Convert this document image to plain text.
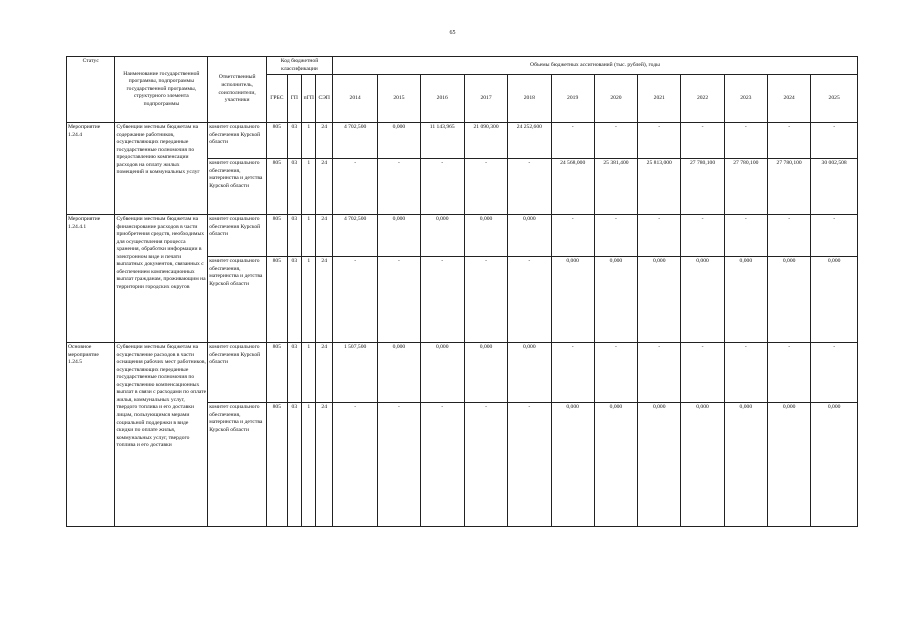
65
Статус	Наименование государственной программы, подпрограммы государственной программы, структурного элемента подпрограммы	Ответственный исполнитель, соисполнители, участники	Код бюджетной классификации				Объемы бюджетных ассигнований (тыс. рублей), годы											
			ГРБС	ГП	пГП	СЭП	2014	2015	2016	2017	2018	2019	2020	2021	2022	2023	2024	2025
Мероприятие 1.24.4	Субвенции местным бюджетам на содержание работников, осуществляющих переданные государственные полномочия по предоставлению компенсации расходов на оплату жилых помещений и коммунальных услуг	комитет социального обеспечения Курской области	805	03	1	24	4 702,500	0,000	11 143,965	21 090,300	24 252,600	-	-	-	-	-	-	-
		комитет социального обеспечения, материнства и детства Курской области	805	03	1	24	-	-	-	-	-	24 568,000	25 381,400	25 813,000	27 780,100	27 780,100	27 780,100	30 002,508
Мероприятие 1.24.4.1	Субвенции местным бюджетам на финансирование расходов в части приобретения средств, необходимых для осуществления процесса хранения, обработки информации в электронном виде и печати выплатных документов, связанных с обеспечением компенсационных выплат гражданам, проживающим на территории городских округов	комитет социального обеспечения Курской области	805	03	1	24	4 702,500	0,000	0,000	0,000	0,000	-	-	-	-	-	-	-
		комитет социального обеспечения, материнства и детства Курской области	805	03	1	24	-	-	-	-	-	0,000	0,000	0,000	0,000	0,000	0,000	0,000
Основное мероприятие 1.24.5	Субвенции местным бюджетам на осуществление расходов в части оснащения рабочих мест работников, осуществляющих переданные государственные полномочия по осуществлению компенсационных выплат в связи с расходами по оплате жилья, коммунальных услуг, твердого топлива и его доставки лицам, пользующимся мерами социальной поддержки в виде скидки по оплате жилья, коммунальных услуг, твердого топлива и его доставки	комитет социального обеспечения Курской области	805	03	1	24	1 507,500	0,000	0,000	0,000	0,000	-	-	-	-	-	-	-
		комитет социального обеспечения, материнства и детства Курской области	805	03	1	24	-	-	-	-	-	0,000	0,000	0,000	0,000	0,000	0,000	0,000
